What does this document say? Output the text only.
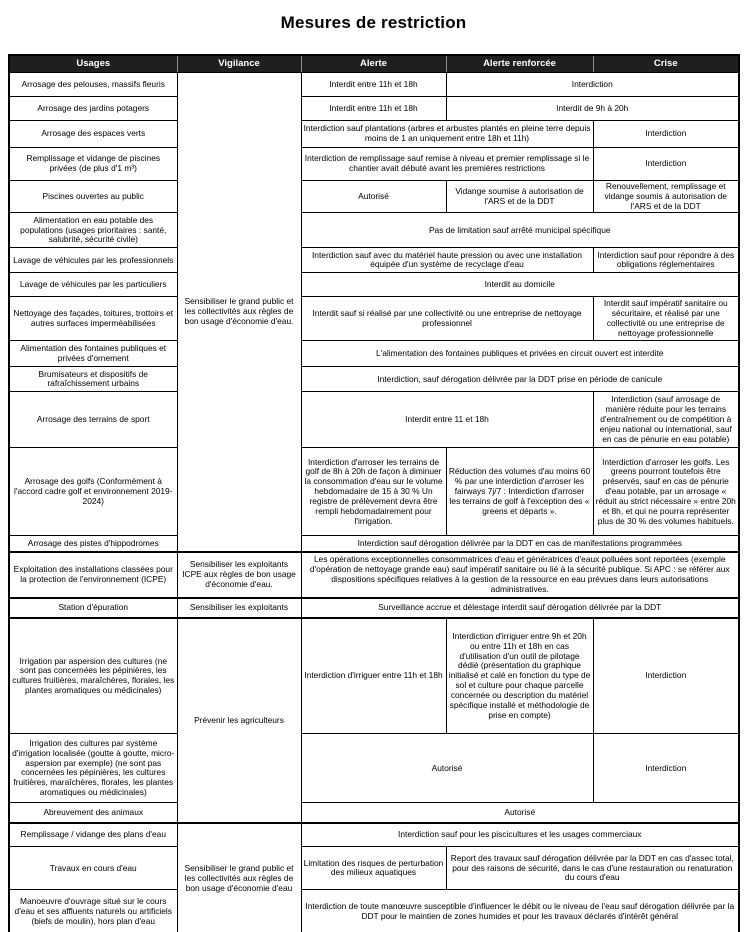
Mesures de restriction
Usages	Vigilance	Alerte	Alerte renforcée	Crise
Arrosage des pelouses, massifs fleuris	Sensibiliser le grand public et les collectivités aux règles de bon usage d'économie d'eau.	Interdit entre 11h et 18h	Interdiction	
Arrosage des jardins potagers		Interdit entre 11h et 18h	Interdit de 9h à 20h	
Arrosage des espaces verts		Interdiction sauf plantations (arbres et arbustes plantés en pleine terre depuis moins de 1 an uniquement entre 18h et 11h)		Interdiction
Remplissage et vidange de piscines privées (de plus d'1 m³)		Interdiction de remplissage sauf remise à niveau et premier remplissage si le chantier avait débuté avant les premières restrictions		Interdiction
Piscines ouvertes au public		Autorisé	Vidange soumise à autorisation de l'ARS et de la DDT	Renouvellement, remplissage et vidange soumis à autorisation de l'ARS et de la DDT
Alimentation en eau potable des populations (usages prioritaires : santé, salubrité, sécurité civile)		Pas de limitation sauf arrêté municipal spécifique		
Lavage de véhicules par les professionnels		Interdiction sauf avec du matériel haute pression ou avec une installation équipée d'un système de recyclage d'eau		Interdiction sauf pour répondre à des obligations réglementaires
Lavage de véhicules par les particuliers		Interdit au domicile		
Nettoyage des façades, toitures, trottoirs et autres surfaces imperméabilisées		Interdit sauf si réalisé par une collectivité ou une entreprise de nettoyage professionnel		Interdit sauf impératif sanitaire ou sécuritaire, et réalisé par une collectivité ou une entreprise de nettoyage professionnelle
Alimentation des fontaines publiques et privées d'ornement		L'alimentation des fontaines publiques et privées en circuit ouvert est interdite		
Brumisateurs et dispositifs de rafraîchissement urbains		Interdiction, sauf dérogation délivrée par la DDT prise en période de canicule		
Arrosage des terrains de sport		Interdit entre 11 et 18h		Interdiction (sauf arrosage de manière réduite pour les terrains d'entraînement ou de compétition à enjeu national ou international, sauf en cas de pénurie en eau potable)
Arrosage des golfs (Conformément à l'accord cadre golf et environnement 2019- 2024)	Interdiction d'arroser les terrains de golf de 8h à 20h de façon à diminuer la consommation d'eau sur le volume hebdomadaire de 15 à 30 % Un registre de prélèvement devra être rempli hebdomadairement pour l'irrigation.	Réduction des volumes d'au moins 60 % par une interdiction d'arroser les fairways 7j/7 : Interdiction d'arroser les terrains de golf à l'exception des « greens et départs ».	Interdiction d'arroser les golfs. Les greens pourront toutefois être préservés, sauf en cas de pénurie d'eau potable, par un arrosage « réduit au strict nécessaire » entre 20h et 8h, et qui ne pourra représenter plus de 30 % des volumes habituels.
Arrosage des pistes d'hippodromes		Interdiction sauf dérogation délivrée par la DDT en cas de manifestations programmées		
Exploitation des installations classées pour la protection de l'environnement (ICPE)	Sensibiliser les exploitants ICPE aux règles de bon usage d'économie d'eau.	Les opérations exceptionnelles consommatrices d'eau et génératrices d'eaux polluées sont reportées (exemple d'opération de nettoyage grande eau) sauf impératif sanitaire ou lié à la sécurité publique. Si APC : se référer aux dispositions spécifiques relatives à la gestion de la ressource en eau prévues dans leurs autorisations administratives.		
Station d'épuration	Sensibiliser les exploitants	Surveillance accrue et délestage interdit sauf dérogation délivrée par la DDT		
Irrigation par aspersion des cultures (ne sont pas concernées les pépinières, les cultures fruitières, maraîchères, florales, les plantes aromatiques ou médicinales)	Prévenir les agriculteurs	Interdiction d'irriguer entre 11h et 18h	Interdiction d'irriguer entre 9h et 20h ou entre 11h et 18h en cas d'utilisation d'un outil de pilotage dédié (présentation du graphique initialisé et calé en fonction du type de sol et culture pour chaque parcelle concernée ou description du matériel spécifique installé et méthodologie de prise en compte)	Interdiction
Irrigation des cultures par système d'irrigation localisée (goutte à goutte, micro-aspersion par exemple) (ne sont pas concernées les pépinières, les cultures fruitières, maraîchères, florales, les plantes aromatiques ou médicinales)		Autorisé		Interdiction
Abreuvement des animaux		Autorisé		
Remplissage / vidange des plans d'eau	Sensibiliser le grand public et les collectivités aux règles de bon usage d'économie d'eau	Interdiction sauf pour les piscicultures et les usages commerciaux		
Travaux en cours d'eau		Limitation des risques de perturbation des milieux aquatiques	Report des travaux sauf dérogation délivrée par la DDT en cas d'assec total, pour des raisons de sécurité, dans le cas d'une restauration ou renaturation du cours d'eau	
Manoeuvre d'ouvrage situé sur le cours d'eau et ses affluents naturels ou artificiels (biefs de moulin), hors plan d'eau		Interdiction de toute manœuvre susceptible d'influencer le débit ou le niveau de l'eau sauf dérogation délivrée par la DDT pour le maintien de zones humides et pour les travaux déclarés d'intérêt général		
